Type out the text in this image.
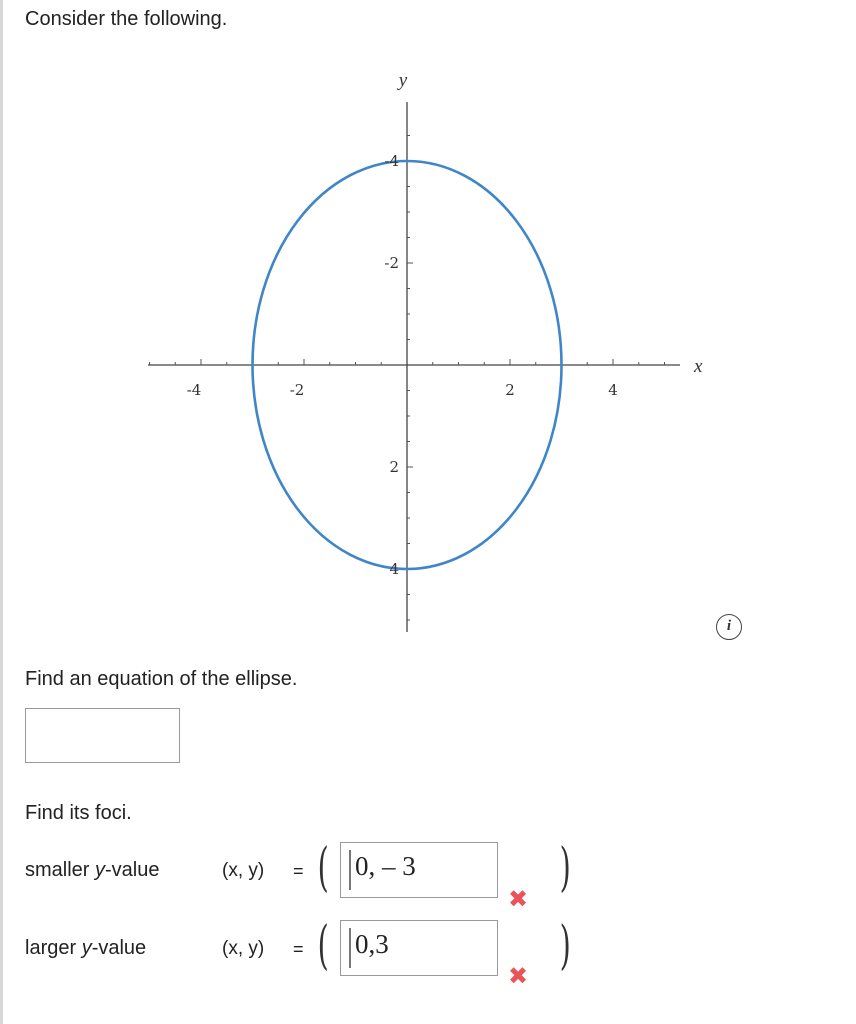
Consider the following.
-4	-2	2	4
4
2
-2
-4
x
y
i
Find an equation of the ellipse.
Find its foci.
smaller y-value	(x, y) = ( 0, – 3
✖
)
larger y-value	(x, y) = ( 0,3
✖
)
